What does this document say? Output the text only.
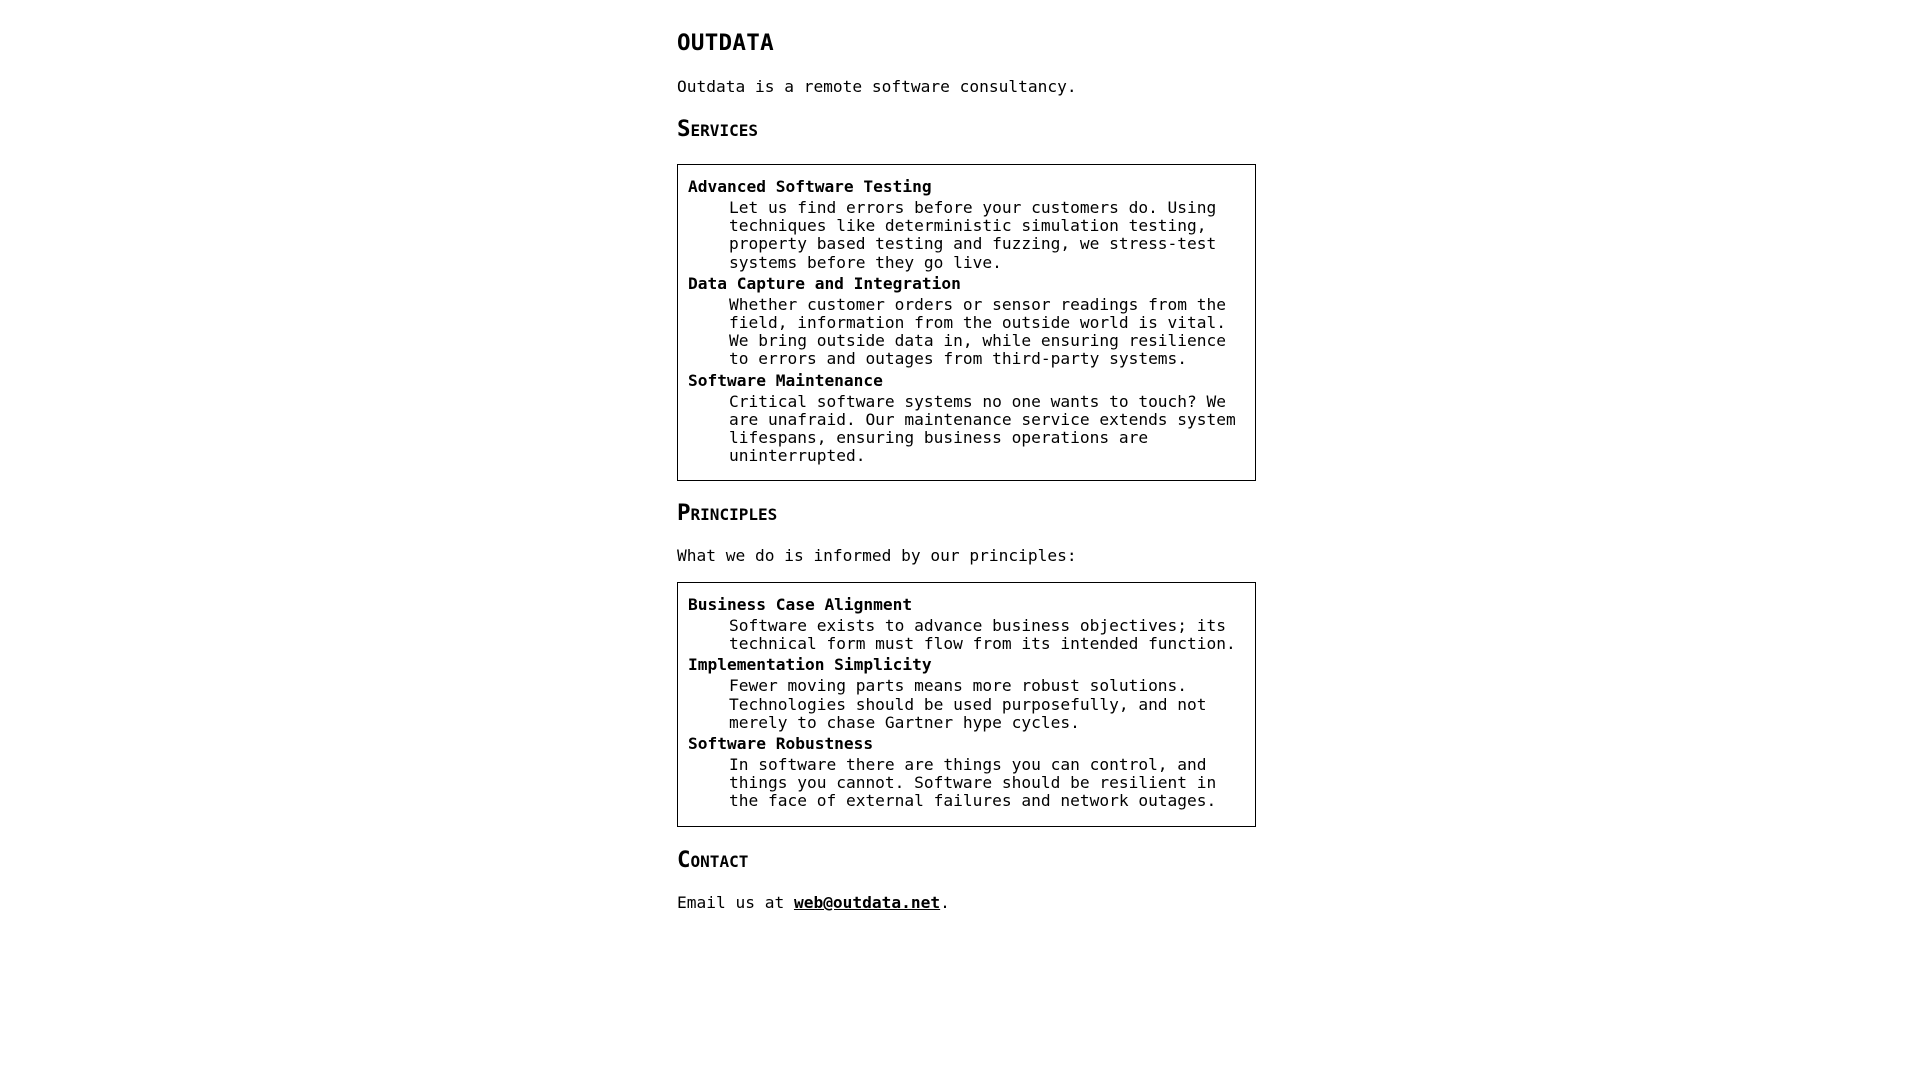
OUTDATA

Outdata is a remote software consultancy.

Services
Advanced Software Testing
Let us find errors before your customers do. Using techniques like deterministic simulation testing, property based testing and fuzzing, we stress-test systems before they go live.
Data Capture and Integration
Whether customer orders or sensor readings from the field, information from the outside world is vital. We bring outside data in, while ensuring resilience to errors and outages from third-party systems.
Software Maintenance
Critical software systems no one wants to touch? We are unafraid. Our maintenance service extends system lifespans, ensuring business operations are uninterrupted.
Principles

What we do is informed by our principles:

Business Case Alignment
Software exists to advance business objectives; its technical form must flow from its intended function.
Implementation Simplicity
Fewer moving parts means more robust solutions. Technologies should be used purposefully, and not merely to chase Gartner hype cycles.
Software Robustness
In software there are things you can control, and things you cannot. Software should be resilient in the face of external failures and network outages.
Contact

Email us at web@outdata.net.
